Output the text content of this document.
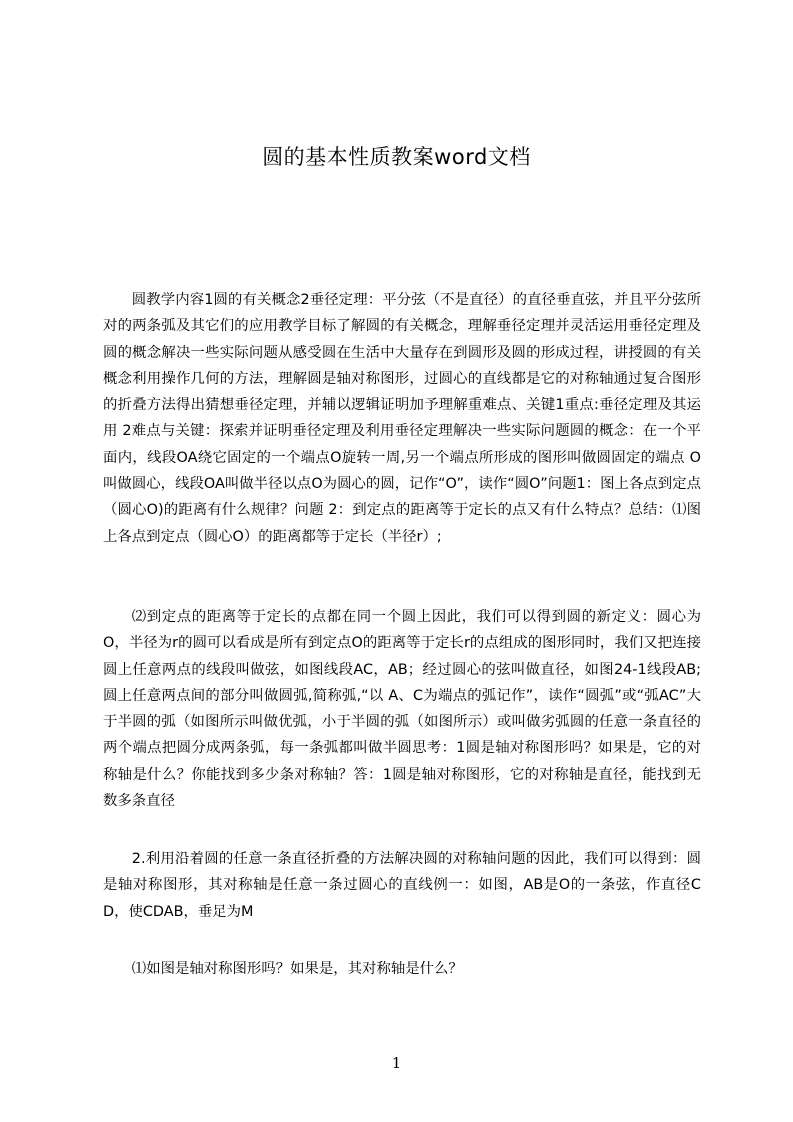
圆的基本性质教案word文档

圆教学内容1圆的有关概念2垂径定理：平分弦（不是直径）的直径垂直弦，并且平分弦所对的两条弧及其它们的应用教学目标了解圆的有关概念，理解垂径定理并灵活运用垂径定理及圆的概念解决一些实际问题从感受圆在生活中大量存在到圆形及圆的形成过程，讲授圆的有关概念利用操作几何的方法，理解圆是轴对称图形，过圆心的直线都是它的对称轴通过复合图形的折叠方法得出猜想垂径定理，并辅以逻辑证明加予理解重难点、关键1重点:垂径定理及其运用 2难点与关键：探索并证明垂径定理及利用垂径定理解决一些实际问题圆的概念：在一个平面内，线段OA绕它固定的一个端点O旋转一周,另一个端点所形成的图形叫做圆固定的端点 O叫做圆心，线段OA叫做半径以点O为圆心的圆，记作“O”，读作“圆O”问题1：图上各点到定点（圆心O)的距离有什么规律？问题 2：到定点的距离等于定长的点又有什么特点？总结：⑴图上各点到定点（圆心O）的距离都等于定长（半径r）;

⑵到定点的距离等于定长的点都在同一个圆上因此，我们可以得到圆的新定义：圆心为O，半径为r的圆可以看成是所有到定点O的距离等于定长r的点组成的图形同时，我们又把连接圆上任意两点的线段叫做弦，如图线段AC，AB；经过圆心的弦叫做直径，如图24-1线段AB;圆上任意两点间的部分叫做圆弧,简称弧,“以 A、C为端点的弧记作”，读作“圆弧”或“弧AC”大于半圆的弧（如图所示叫做优弧，小于半圆的弧（如图所示）或叫做劣弧圆的任意一条直径的两个端点把圆分成两条弧，每一条弧都叫做半圆思考：1圆是轴对称图形吗？如果是，它的对称轴是什么？你能找到多少条对称轴？答：1圆是轴对称图形，它的对称轴是直径，能找到无数多条直径

2.利用沿着圆的任意一条直径折叠的方法解决圆的对称轴问题的因此，我们可以得到：圆是轴对称图形，其对称轴是任意一条过圆心的直线例一：如图，AB是O的一条弦，作直径CD，使CDAB，垂足为M

⑴如图是轴对称图形吗？如果是，其对称轴是什么？

1
